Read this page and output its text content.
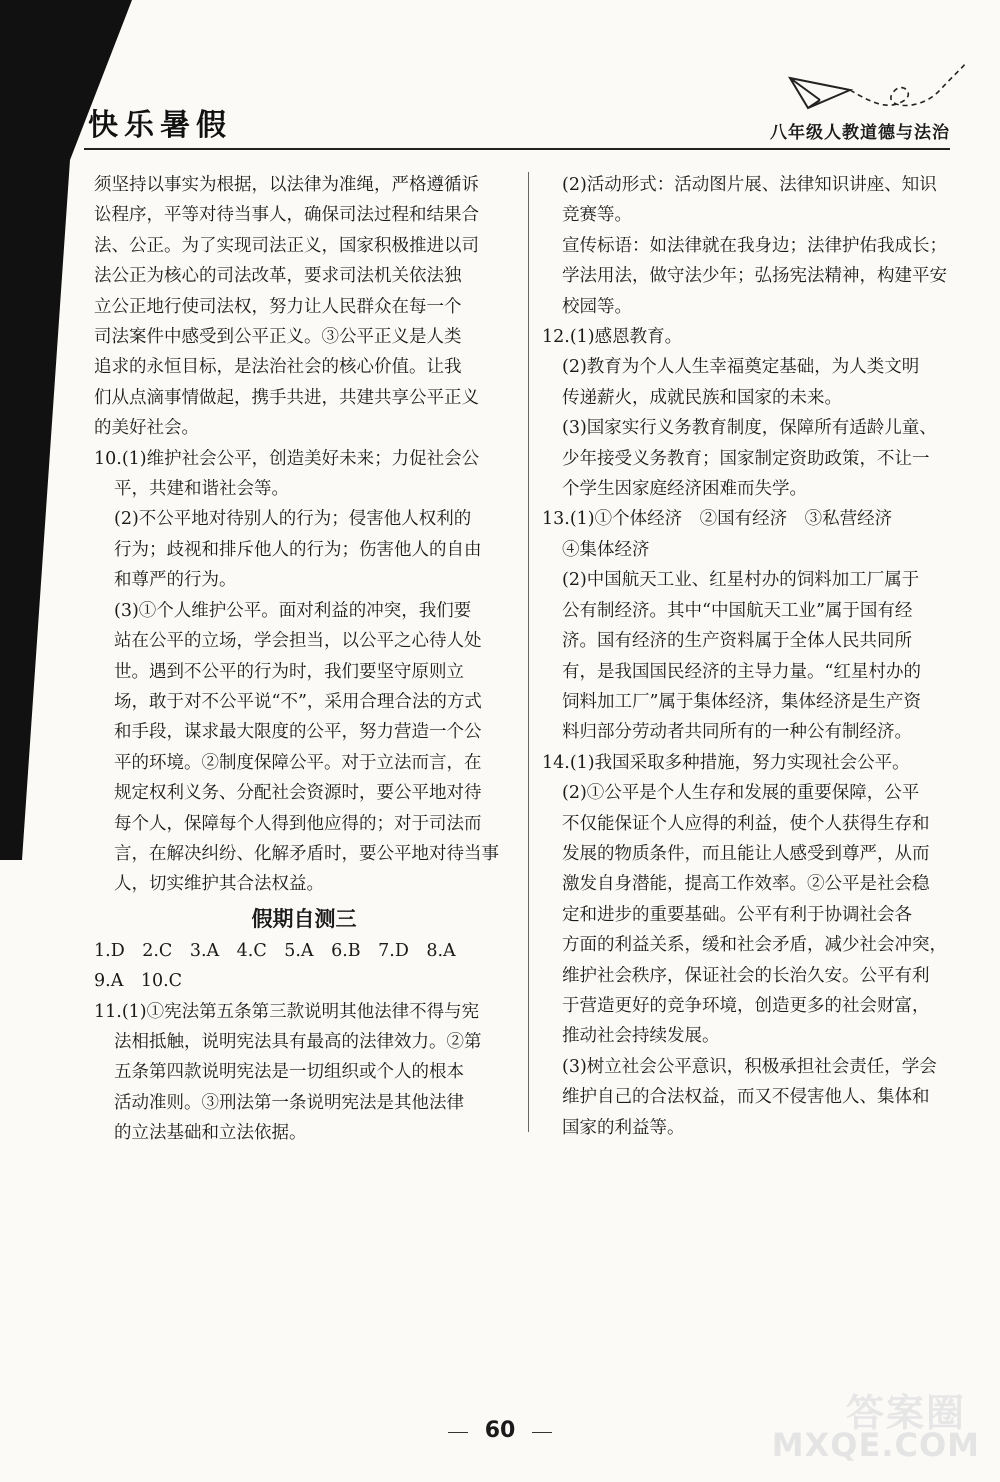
快乐暑假	八年级人教道德与法治
须坚持以事实为根据，以法律为准绳，严格遵循诉
讼程序，平等对待当事人，确保司法过程和结果合
法、公正。为了实现司法正义，国家积极推进以司
法公正为核心的司法改革，要求司法机关依法独
立公正地行使司法权，努力让人民群众在每一个
司法案件中感受到公平正义。③公平正义是人类
追求的永恒目标，是法治社会的核心价值。让我
们从点滴事情做起，携手共进，共建共享公平正义
的美好社会。
10.(1)维护社会公平，创造美好未来；力促社会公
平，共建和谐社会等。
(2)不公平地对待别人的行为；侵害他人权利的
行为；歧视和排斥他人的行为；伤害他人的自由
和尊严的行为。
(3)①个人维护公平。面对利益的冲突，我们要
站在公平的立场，学会担当，以公平之心待人处
世。遇到不公平的行为时，我们要坚守原则立
场，敢于对不公平说“不”，采用合理合法的方式
和手段，谋求最大限度的公平，努力营造一个公
平的环境。②制度保障公平。对于立法而言，在
规定权利义务、分配社会资源时，要公平地对待
每个人，保障每个人得到他应得的；对于司法而
言，在解决纠纷、化解矛盾时，要公平地对待当事
人，切实维护其合法权益。
假期自测三
1.D　2.C　3.A　4.C　5.A　6.B　7.D　8.A
9.A　10.C
11.(1)①宪法第五条第三款说明其他法律不得与宪
法相抵触，说明宪法具有最高的法律效力。②第
五条第四款说明宪法是一切组织或个人的根本
活动准则。③刑法第一条说明宪法是其他法律
的立法基础和立法依据。
(2)活动形式：活动图片展、法律知识讲座、知识
竞赛等。
宣传标语：如法律就在我身边；法律护佑我成长；
学法用法，做守法少年；弘扬宪法精神，构建平安
校园等。
12.(1)感恩教育。
(2)教育为个人人生幸福奠定基础，为人类文明
传递薪火，成就民族和国家的未来。
(3)国家实行义务教育制度，保障所有适龄儿童、
少年接受义务教育；国家制定资助政策，不让一
个学生因家庭经济困难而失学。
13.(1)①个体经济　②国有经济　③私营经济
④集体经济
(2)中国航天工业、红星村办的饲料加工厂属于
公有制经济。其中“中国航天工业”属于国有经
济。国有经济的生产资料属于全体人民共同所
有，是我国国民经济的主导力量。“红星村办的
饲料加工厂”属于集体经济，集体经济是生产资
料归部分劳动者共同所有的一种公有制经济。
14.(1)我国采取多种措施，努力实现社会公平。
(2)①公平是个人生存和发展的重要保障，公平
不仅能保证个人应得的利益，使个人获得生存和
发展的物质条件，而且能让人感受到尊严，从而
激发自身潜能，提高工作效率。②公平是社会稳
定和进步的重要基础。公平有利于协调社会各
方面的利益关系，缓和社会矛盾，减少社会冲突，
维护社会秩序，保证社会的长治久安。公平有利
于营造更好的竞争环境，创造更多的社会财富，
推动社会持续发展。
(3)树立社会公平意识，积极承担社会责任，学会
维护自己的合法权益，而又不侵害他人、集体和
国家的利益等。
60	答案圈
MXQE.COM
